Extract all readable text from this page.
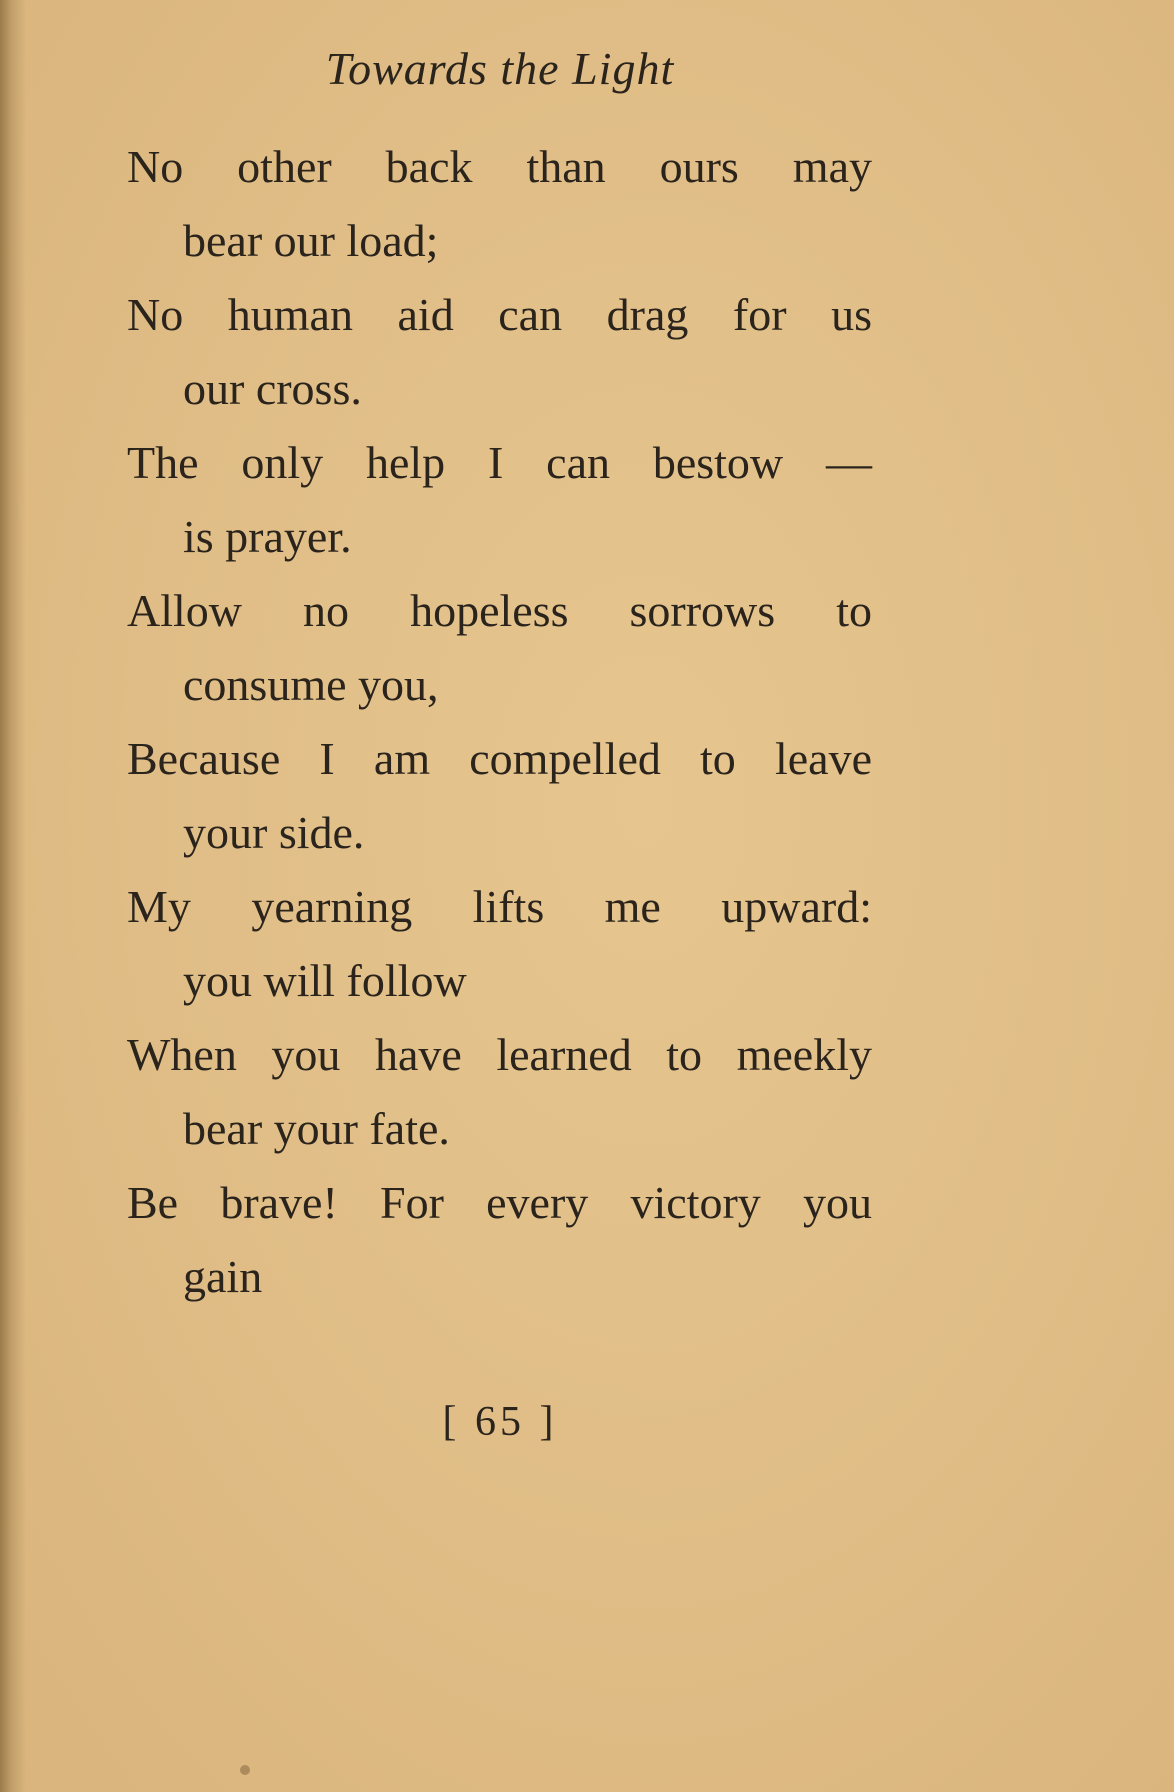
Towards the Light

No other back than ours may
bear our load;

No human aid can drag for us
our cross.

The only help I can bestow —
is prayer.

Allow no hopeless sorrows to
consume you,

Because I am compelled to leave
your side.

My yearning lifts me upward:
you will follow

When you have learned to meekly
bear your fate.

Be brave! For every victory you
gain

[ 65 ]
